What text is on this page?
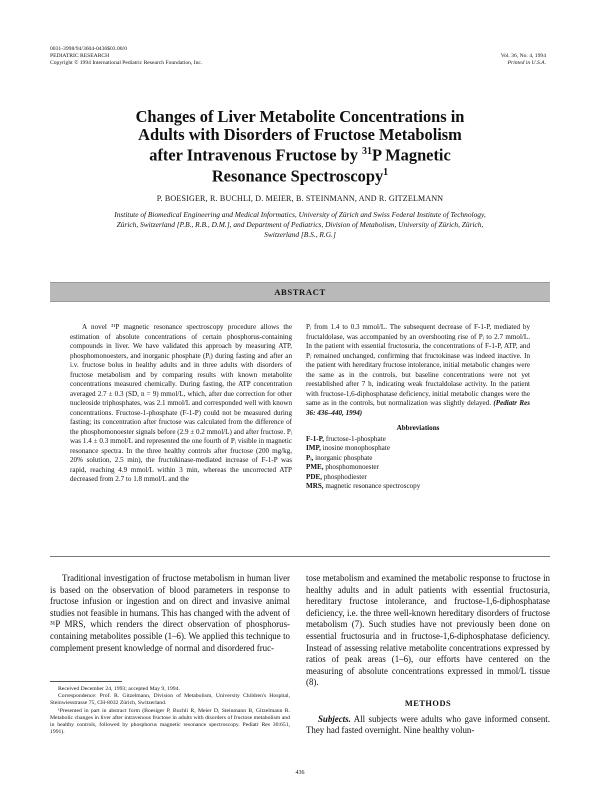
0031-3998/94/3604-0436$03.00/0
PEDIATRIC RESEARCH
Copyright © 1994 International Pediatric Research Foundation, Inc.
Vol. 36, No. 4, 1994
Printed in U.S.A.
Changes of Liver Metabolite Concentrations in
Adults with Disorders of Fructose Metabolism
after Intravenous Fructose by $^{31}$P Magnetic
Resonance Spectroscopy$^1$
P. BOESIGER, R. BUCHLI, D. MEIER, B. STEINMANN, AND R. GITZELMANN
Institute of Biomedical Engineering and Medical Informatics, University of Zürich and Swiss Federal Institute of Technology, Zürich, Switzerland [P.B., R.B., D.M.], and Department of Pediatrics, Division of Metabolism, University of Zürich, Zürich, Switzerland [B.S., R.G.]
ABSTRACT

A novel ³¹P magnetic resonance spectroscopy procedure allows the estimation of absolute concentrations of certain phosphorus-containing compounds in liver. We have validated this approach by measuring ATP, phosphomonoesters, and inorganic phosphate (Pᵢ) during fasting and after an i.v. fructose bolus in healthy adults and in three adults with disorders of fructose metabolism and by comparing results with known metabolite concentrations measured chemically. During fasting, the ATP concentration averaged 2.7 ± 0.3 (SD, n = 9) mmol/L, which, after due correction for other nucleoside triphosphates, was 2.1 mmol/L and corresponded well with known concentrations. Fructose-1-phosphate (F-1-P) could not be measured during fasting; its concentration after fructose was calculated from the difference of the phosphomonoester signals before (2.9 ± 0.2 mmol/L) and after fructose. Pᵢ was 1.4 ± 0.3 mmol/L and represented the one fourth of Pᵢ visible in magnetic resonance spectra. In the three healthy controls after fructose (200 mg/kg, 20% solution, 2.5 min), the fructokinase-mediated increase of F-1-P was rapid, reaching 4.9 mmol/L within 3 min, whereas the uncorrected ATP decreased from 2.7 to 1.8 mmol/L and the

Pᵢ from 1.4 to 0.3 mmol/L. The subsequent decrease of F-1-P, mediated by fructaldolase, was accompanied by an overshooting rise of Pᵢ to 2.7 mmol/L. In the patient with essential fructosuria, the concentrations of F-1-P, ATP, and Pᵢ remained unchanged, confirming that fructokinase was indeed inactive. In the patient with hereditary fructose intolerance, initial metabolic changes were the same as in the controls, but baseline concentrations were not yet reestablished after 7 h, indicating weak fructaldolase activity. In the patient with fructose-1,6-diphosphatase deficiency, initial metabolic changes were the same as in the controls, but normalization was slightly delayed. (Pediatr Res 36: 436–440, 1994)

Abbreviations
F-1-P, fructose-1-phosphate
IMP, inosine monophosphate
Pᵢ, inorganic phosphate
PME, phosphomonoester
PDE, phosphodiester
MRS, magnetic resonance spectroscopy

Traditional investigation of fructose metabolism in human liver is based on the observation of blood parameters in response to fructose infusion or ingestion and on direct and invasive animal studies not feasible in humans. This has changed with the advent of ³¹P MRS, which renders the direct observation of phosphorus-containing metabolites possible (1–6). We applied this technique to complement present knowledge of normal and disordered fruc-

tose metabolism and examined the metabolic response to fructose in healthy adults and in adult patients with essential fructosuria, hereditary fructose intolerance, and fructose-1,6-diphosphatase deficiency, i.e. the three well-known hereditary disorders of fructose metabolism (7). Such studies have not previously been done on essential fructosuria and in fructose-1,6-diphosphatase deficiency. Instead of assessing relative metabolite concentrations expressed by ratios of peak areas (1–6), our efforts have centered on the measuring of absolute concentrations expressed in mmol/L tissue (8).

METHODS

Subjects. All subjects were adults who gave informed consent. They had fasted overnight. Nine healthy volun-

Received December 24, 1993; accepted May 9, 1994.

Correspondence: Prof. R. Gitzelmann, Division of Metabolism, University Children's Hospital, Steinwiesstrasse 75, CH-8032 Zürich, Switzerland.

¹Presented in part in abstract form (Boesiger P, Buchli R, Meier D, Steinmann B, Gitzelmann R. Metabolic changes in liver after intravenous fructose in adults with disorders of fructose metabolism and in healthy controls, followed by phosphorus magnetic resonance spectroscopy. Pediatr Res 30:651, 1991).

436
